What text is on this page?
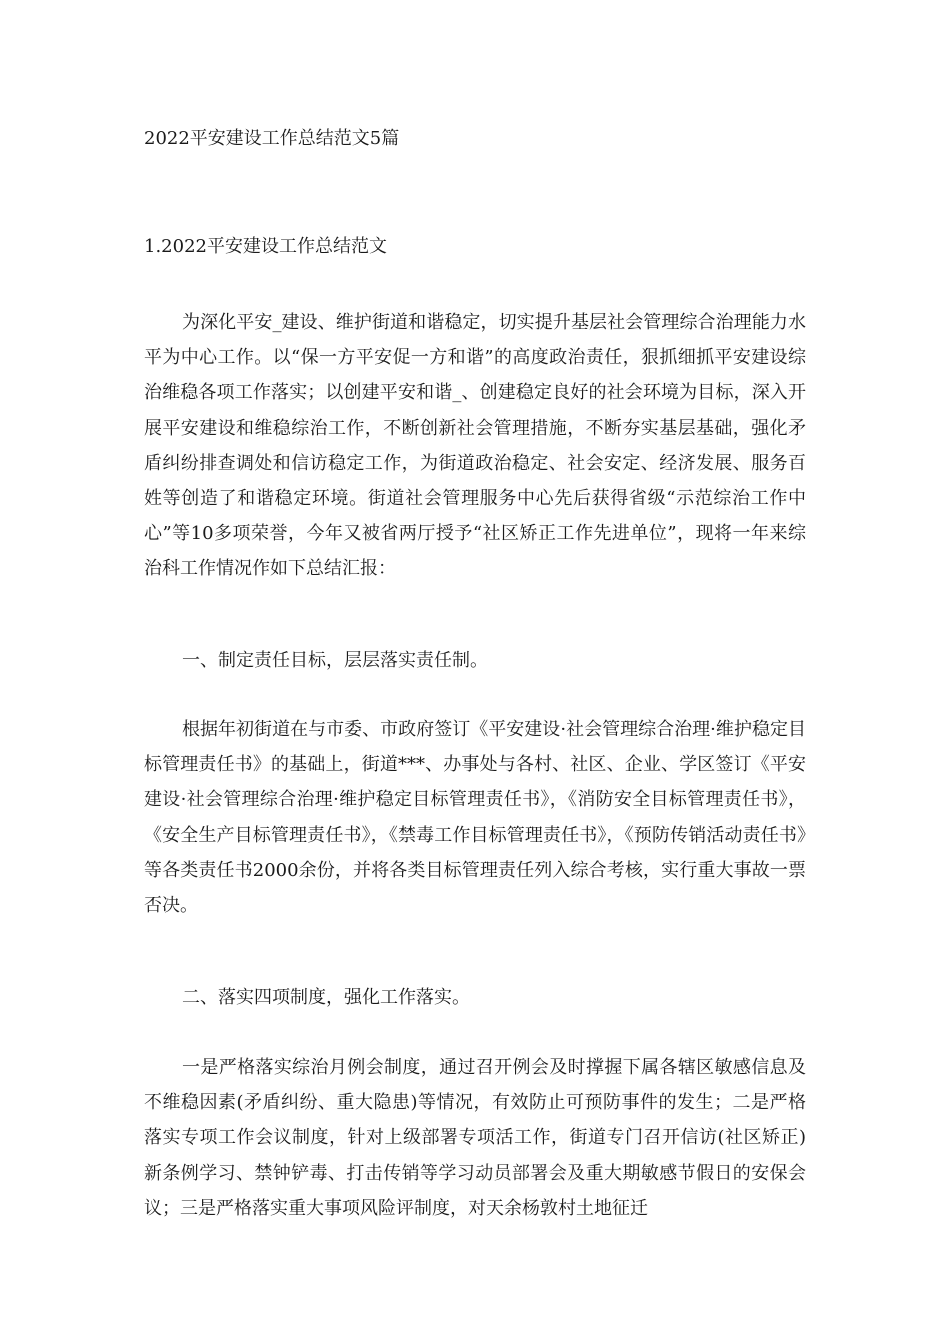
2022平安建设工作总结范文5篇
1.2022平安建设工作总结范文

为深化平安_建设、维护街道和谐稳定，切实提升基层社会管理综合治理能力水平为中心工作。以“保一方平安促一方和谐”的高度政治责任，狠抓细抓平安建设综治维稳各项工作落实；以创建平安和谐_、创建稳定良好的社会环境为目标，深入开展平安建设和维稳综治工作，不断创新社会管理措施，不断夯实基层基础，强化矛盾纠纷排查调处和信访稳定工作，为街道政治稳定、社会安定、经济发展、服务百姓等创造了和谐稳定环境。街道社会管理服务中心先后获得省级“示范综治工作中心”等10多项荣誉，今年又被省两厅授予“社区矫正工作先进单位”，现将一年来综治科工作情况作如下总结汇报：

一、制定责任目标，层层落实责任制。

根据年初街道在与市委、市政府签订《平安建设·社会管理综合治理·维护稳定目标管理责任书》的基础上，街道***、办事处与各村、社区、企业、学区签订《平安建设·社会管理综合治理·维护稳定目标管理责任书》，《消防安全目标管理责任书》，《安全生产目标管理责任书》，《禁毒工作目标管理责任书》，《预防传销活动责任书》等各类责任书2000余份，并将各类目标管理责任列入综合考核，实行重大事故一票否决。

二、落实四项制度，强化工作落实。

一是严格落实综治月例会制度，通过召开例会及时撑握下属各辖区敏感信息及不维稳因素(矛盾纠纷、重大隐患)等情况，有效防止可预防事件的发生；二是严格落实专项工作会议制度，针对上级部署专项活工作，街道专门召开信访(社区矫正)新条例学习、禁钟铲毒、打击传销等学习动员部署会及重大期敏感节假日的安保会议；三是严格落实重大事项风险评制度，对天余杨敦村土地征迁
